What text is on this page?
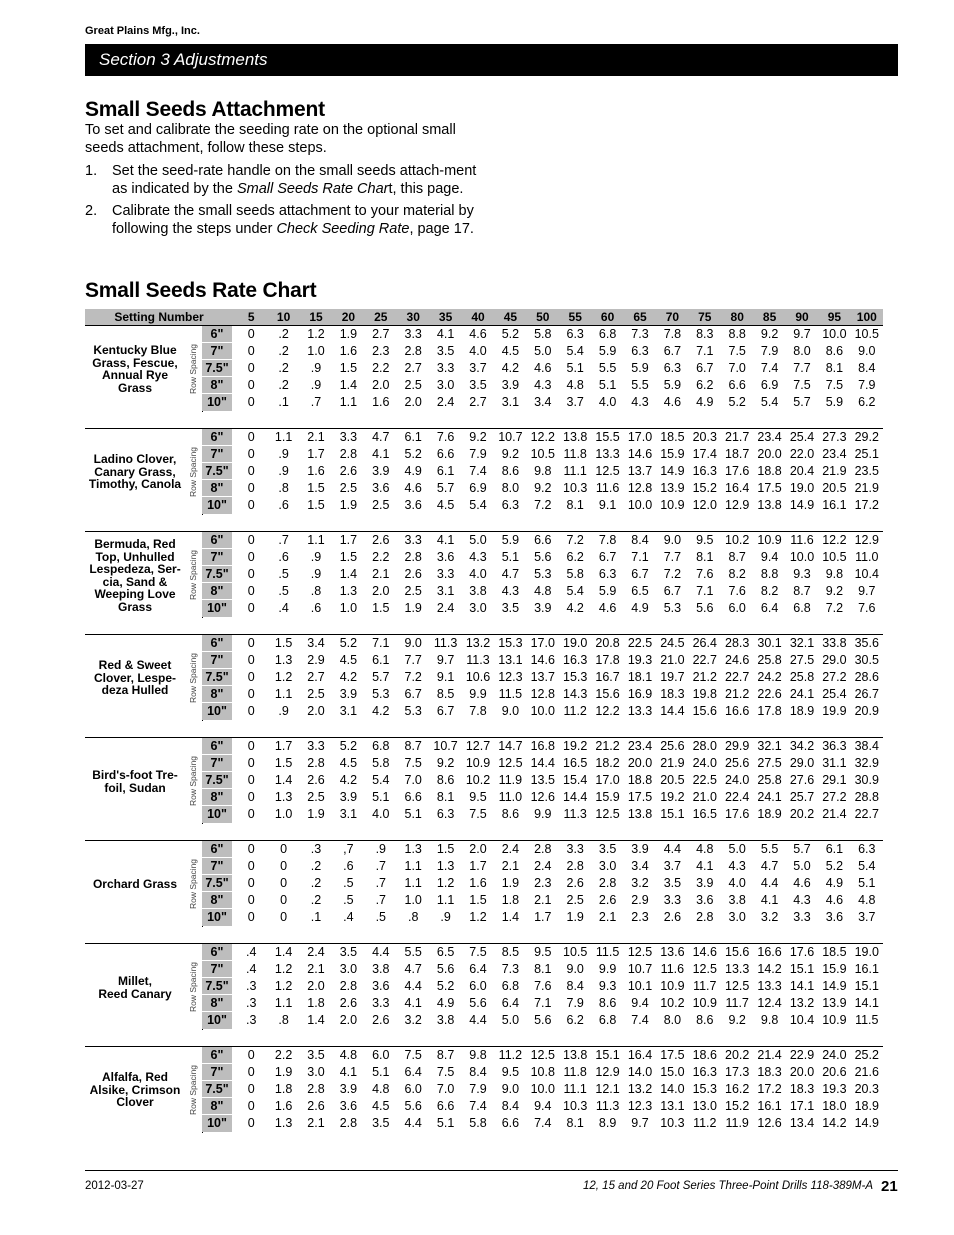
Great Plains Mfg., Inc.
Section 3 Adjustments
Small Seeds Attachment

To set and calibrate the seeding rate on the optional small seeds attachment, follow these steps.

1. Set the seed-rate handle on the small seeds attach-ment as indicated by the Small Seeds Rate Chart, this page.
2. Calibrate the small seeds attachment to your material by following the steps under Check Seeding Rate, page 17.
Small Seeds Rate Chart
Setting Number	5	10	15	20	25	30	35	40	45	50	55	60	65	70	75	80	85	90	95	100
Kentucky Blue
Grass, Fescue,
Annual Rye
Grass	Row Spacing
6"	0	.2	1.2	1.9	2.7	3.3	4.1	4.6	5.2	5.8	6.3	6.8	7.3	7.8	8.3	8.8	9.2	9.7 10.0 10.5
7"	0	.2	1.0	1.6	2.3	2.8	3.5	4.0	4.5	5.0	5.4	5.9	6.3	6.7	7.1	7.5	7.9	8.0	8.6	9.0
7.5"	0	.2	.9	1.5	2.2	2.7	3.3	3.7	4.2	4.6	5.1	5.5	5.9	6.3	6.7	7.0	7.4	7.7	8.1	8.4
8"	0	.2	.9	1.4	2.0	2.5	3.0	3.5	3.9	4.3	4.8	5.1	5.5	5.9	6.2	6.6	6.9	7.5	7.5	7.9
10"	0	.1	.7	1.1	1.6	2.0	2.4	2.7	3.1	3.4	3.7	4.0	4.3	4.6	4.9	5.2	5.4	5.7	5.9	6.2
Ladino Clover,
Canary Grass,
Timothy, Canola Row Spacing
6"	0	1.1	2.1	3.3	4.7	6.1	7.6	9.2 10.7 12.2 13.8 15.5 17.0 18.5 20.3 21.7 23.4 25.4 27.3 29.2
7"	0	.9	1.7	2.8	4.1	5.2	6.6	7.9	9.2 10.5 11.8 13.3 14.6 15.9 17.4 18.7 20.0 22.0 23.4 25.1
7.5"	0	.9	1.6	2.6	3.9	4.9	6.1	7.4	8.6	9.8 11.1 12.5 13.7 14.9 16.3 17.6 18.8 20.4 21.9 23.5
8"	0	.8	1.5	2.5	3.6	4.6	5.7	6.9	8.0	9.2 10.3 11.6 12.8 13.9 15.2 16.4 17.5 19.0 20.5 21.9
10"	0	.6	1.5	1.9	2.5	3.6	4.5	5.4	6.3	7.2	8.1	9.1 10.0 10.9 12.0 12.9 13.8 14.9 16.1 17.2
Bermuda, Red
Top, Unhulled
Lespedeza, Ser-
cia, Sand &
Weeping Love
Grass
Row Spacing
6"	0	.7	1.1	1.7	2.6	3.3	4.1	5.0	5.9	6.6	7.2	7.8	8.4	9.0	9.5 10.2 10.9 11.6 12.2 12.9
7"	0	.6	.9	1.5	2.2	2.8	3.6	4.3	5.1	5.6	6.2	6.7	7.1	7.7	8.1	8.7	9.4 10.0 10.5 11.0
7.5"	0	.5	.9	1.4	2.1	2.6	3.3	4.0	4.7	5.3	5.8	6.3	6.7	7.2	7.6	8.2	8.8	9.3	9.8 10.4
8"	0	.5	.8	1.3	2.0	2.5	3.1	3.8	4.3	4.8	5.4	5.9	6.5	6.7	7.1	7.6	8.2	8.7	9.2	9.7
10"	0	.4	.6	1.0	1.5	1.9	2.4	3.0	3.5	3.9	4.2	4.6	4.9	5.3	5.6	6.0	6.4	6.8	7.2	7.6
Red & Sweet
Clover, Lespe-
deza Hulled	Row Spacing
6"	0	1.5	3.4	5.2	7.1	9.0 11.3 13.2 15.3 17.0 19.0 20.8 22.5 24.5 26.4 28.3 30.1 32.1 33.8 35.6
7"	0	1.3	2.9	4.5	6.1	7.7	9.7 11.3 13.1 14.6 16.3 17.8 19.3 21.0 22.7 24.6 25.8 27.5 29.0 30.5
7.5"	0	1.2	2.7	4.2	5.7	7.2	9.1 10.6 12.3 13.7 15.3 16.7 18.1 19.7 21.2 22.7 24.2 25.8 27.2 28.6
8"	0	1.1	2.5	3.9	5.3	6.7	8.5	9.9 11.5 12.8 14.3 15.6 16.9 18.3 19.8 21.2 22.6 24.1 25.4 26.7
10"	0	.9	2.0	3.1	4.2	5.3	6.7	7.8	9.0 10.0 11.2 12.2 13.3 14.4 15.6 16.6 17.8 18.9 19.9 20.9
Bird's-foot Tre-
foil, Sudan	Row Spacing
6"	0	1.7	3.3	5.2	6.8	8.7 10.7 12.7 14.7 16.8 19.2 21.2 23.4 25.6 28.0 29.9 32.1 34.2 36.3 38.4
7"	0	1.5	2.8	4.5	5.8	7.5	9.2 10.9 12.5 14.4 16.5 18.2 20.0 21.9 24.0 25.6 27.5 29.0 31.1 32.9
7.5"	0	1.4	2.6	4.2	5.4	7.0	8.6 10.2 11.9 13.5 15.4 17.0 18.8 20.5 22.5 24.0 25.8 27.6 29.1 30.9
8"	0	1.3	2.5	3.9	5.1	6.6	8.1	9.5 11.0 12.6 14.4 15.9 17.5 19.2 21.0 22.4 24.1 25.7 27.2 28.8
10"	0	1.0	1.9	3.1	4.0	5.1	6.3	7.5	8.6	9.9 11.3 12.5 13.8 15.1 16.5 17.6 18.9 20.2 21.4 22.7
Orchard Grass	Row Spacing
6"	0	0	.3	,7	.9	1.3	1.5	2.0	2.4	2.8	3.3	3.5	3.9	4.4	4.8	5.0	5.5	5.7	6.1	6.3
7"	0	0	.2	.6	.7	1.1	1.3	1.7	2.1	2.4	2.8	3.0	3.4	3.7	4.1	4.3	4.7	5.0	5.2	5.4
7.5"	0	0	.2	.5	.7	1.1	1.2	1.6	1.9	2.3	2.6	2.8	3.2	3.5	3.9	4.0	4.4	4.6	4.9	5.1
8"	0	0	.2	.5	.7	1.0	1.1	1.5	1.8	2.1	2.5	2.6	2.9	3.3	3.6	3.8	4.1	4.3	4.6	4.8
10"	0	0	.1	.4	.5	.8	.9	1.2	1.4	1.7	1.9	2.1	2.3	2.6	2.8	3.0	3.2	3.3	3.6	3.7
Millet,
Reed Canary	Row Spacing
6"	.4	1.4	2.4	3.5	4.4	5.5	6.5	7.5	8.5	9.5 10.5 11.5 12.5 13.6 14.6 15.6 16.6 17.6 18.5 19.0
7"	.4	1.2	2.1	3.0	3.8	4.7	5.6	6.4	7.3	8.1	9.0	9.9 10.7 11.6 12.5 13.3 14.2 15.1 15.9 16.1
7.5"	.3	1.2	2.0	2.8	3.6	4.4	5.2	6.0	6.8	7.6	8.4	9.3 10.1 10.9 11.7 12.5 13.3 14.1 14.9 15.1
8"	.3	1.1	1.8	2.6	3.3	4.1	4.9	5.6	6.4	7.1	7.9	8.6	9.4 10.2 10.9 11.7 12.4 13.2 13.9 14.1
10"	.3	.8	1.4	2.0	2.6	3.2	3.8	4.4	5.0	5.6	6.2	6.8	7.4	8.0	8.6	9.2	9.8 10.4 10.9 11.5
Alfalfa, Red
Alsike, Crimson
Clover	Row Spacing
6"	0	2.2	3.5	4.8	6.0	7.5	8.7	9.8 11.2 12.5 13.8 15.1 16.4 17.5 18.6 20.2 21.4 22.9 24.0 25.2
7"	0	1.9	3.0	4.1	5.1	6.4	7.5	8.4	9.5 10.8 11.8 12.9 14.0 15.0 16.3 17.3 18.3 20.0 20.6 21.6
7.5"	0	1.8	2.8	3.9	4.8	6.0	7.0	7.9	9.0 10.0 11.1 12.1 13.2 14.0 15.3 16.2 17.2 18.3 19.3 20.3
8"	0	1.6	2.6	3.6	4.5	5.6	6.6	7.4	8.4	9.4 10.3 11.3 12.3 13.1 13.0 15.2 16.1 17.1 18.0 18.9
10"	0	1.3	2.1	2.8	3.5	4.4	5.1	5.8	6.6	7.4	8.1	8.9	9.7 10.3 11.2 11.9 12.6 13.4 14.2 14.9
2012-03-27	12, 15 and 20 Foot Series Three-Point Drills 118-389M-A 21
